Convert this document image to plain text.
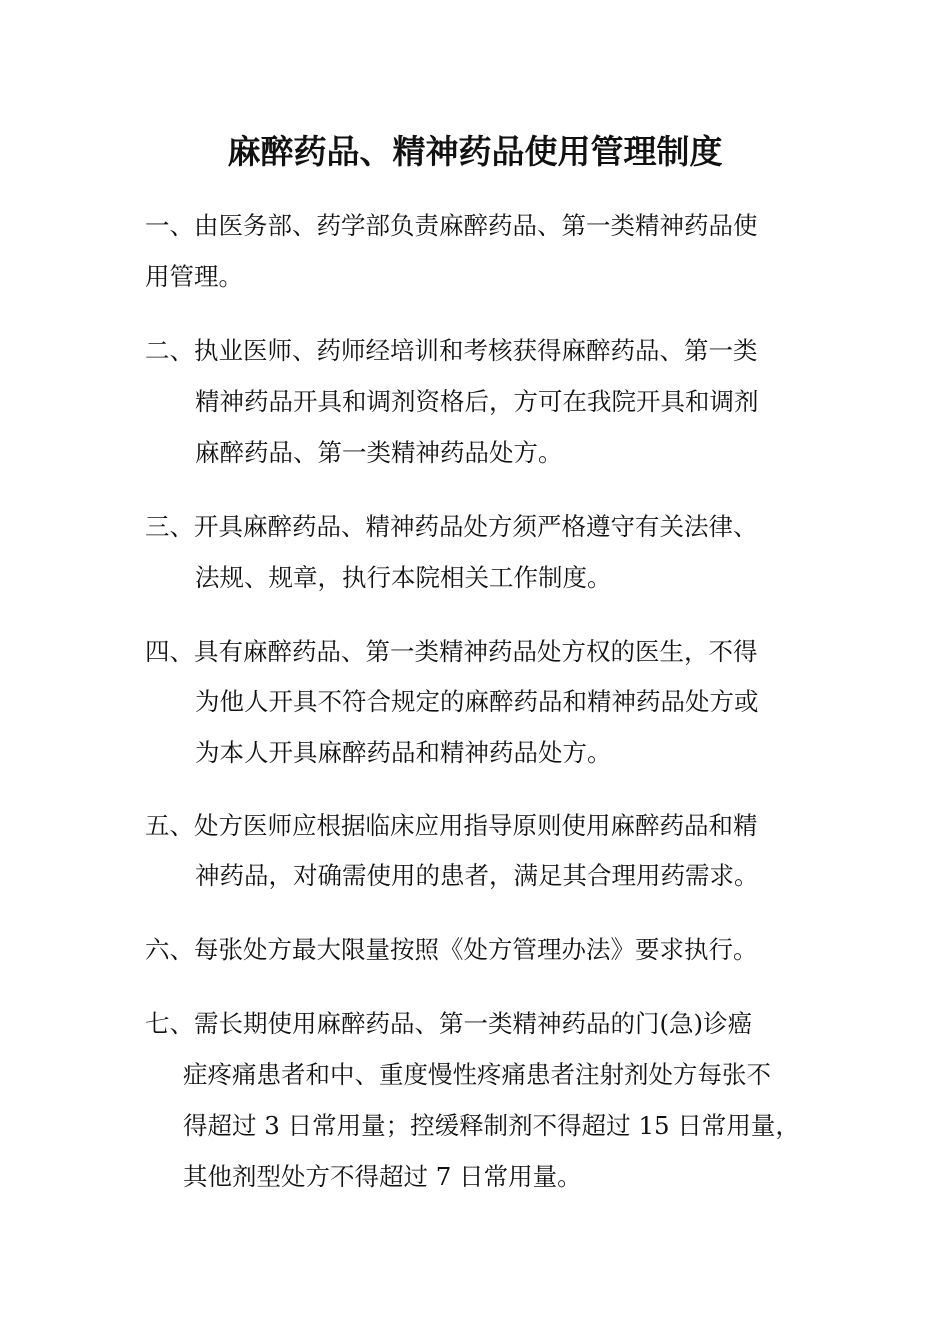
麻醉药品、精神药品使用管理制度
一、由医务部、药学部负责麻醉药品、第一类精神药品使
用管理。
二、执业医师、药师经培训和考核获得麻醉药品、第一类
精神药品开具和调剂资格后，方可在我院开具和调剂
麻醉药品、第一类精神药品处方。
三、开具麻醉药品、精神药品处方须严格遵守有关法律、
法规、规章，执行本院相关工作制度。
四、具有麻醉药品、第一类精神药品处方权的医生，不得
为他人开具不符合规定的麻醉药品和精神药品处方或
为本人开具麻醉药品和精神药品处方。
五、处方医师应根据临床应用指导原则使用麻醉药品和精
神药品，对确需使用的患者，满足其合理用药需求。
六、每张处方最大限量按照《处方管理办法》要求执行。
七、需长期使用麻醉药品、第一类精神药品的门(急)诊癌
症疼痛患者和中、重度慢性疼痛患者注射剂处方每张不
得超过 3 日常用量；控缓释制剂不得超过 15 日常用量，
其他剂型处方不得超过 7 日常用量。
